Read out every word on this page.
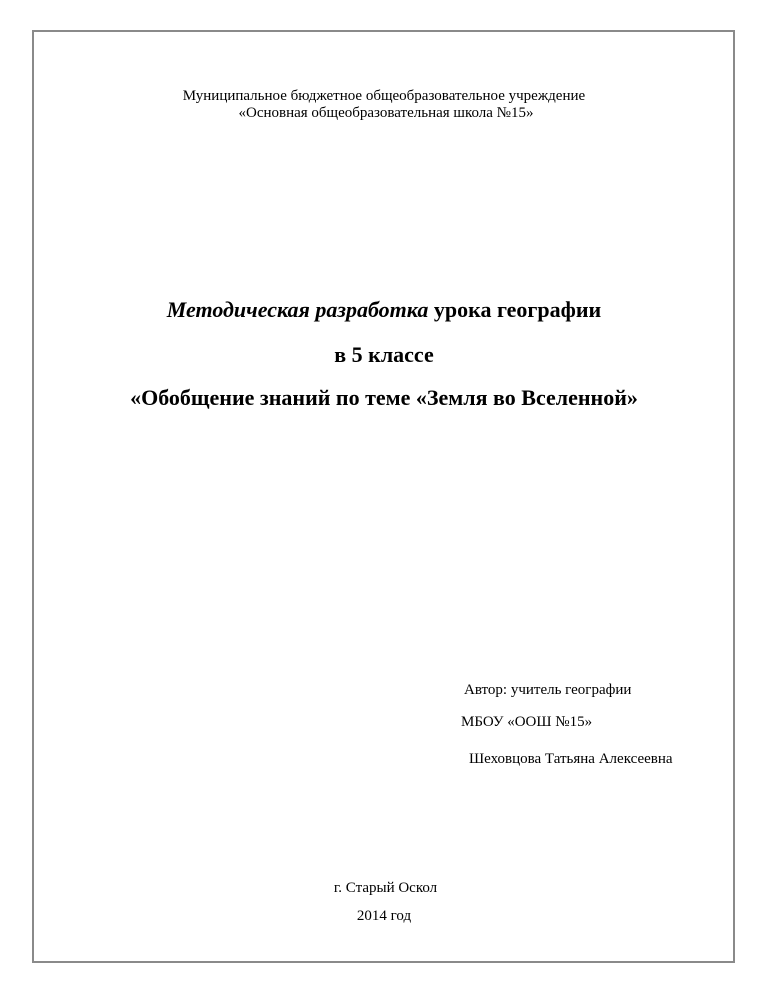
Муниципальное бюджетное общеобразовательное учреждение
«Основная общеобразовательная школа №15»
Методическая разработка урока географии
в 5 классе
«Обобщение знаний по теме «Земля во Вселенной»
Автор: учитель географии
МБОУ «ООШ №15»
Шеховцова Татьяна Алексеевна
г. Старый Оскол
2014 год
